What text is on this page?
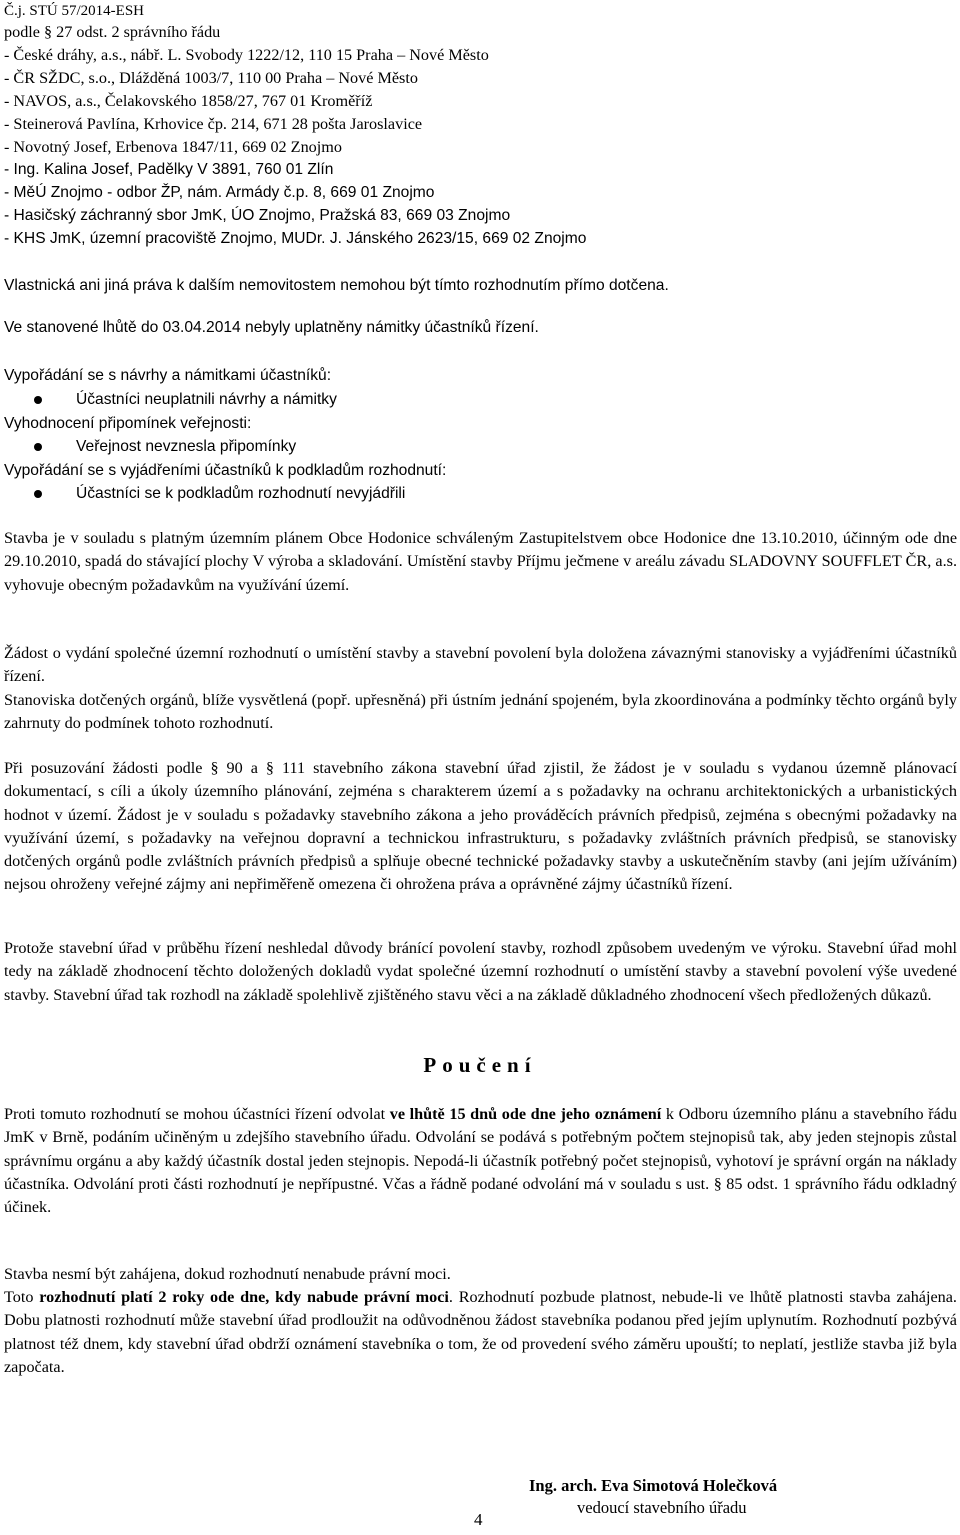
Č.j. STÚ 57/2014-ESH
podle § 27 odst. 2 správního řádu
- České dráhy, a.s., nábř. L. Svobody 1222/12, 110 15 Praha – Nové Město
- ČR SŽDC, s.o., Dlážděná 1003/7, 110 00 Praha – Nové Město
- NAVOS, a.s., Čelakovského 1858/27, 767 01 Kroměříž
- Steinerová Pavlína, Krhovice čp. 214, 671 28 pošta Jaroslavice
- Novotný Josef, Erbenova 1847/11, 669 02 Znojmo
- Ing. Kalina Josef, Padělky V 3891, 760 01 Zlín
- MěÚ Znojmo - odbor ŽP, nám. Armády č.p. 8, 669 01 Znojmo
- Hasičský záchranný sbor JmK, ÚO Znojmo, Pražská 83, 669 03 Znojmo
- KHS JmK, územní pracoviště Znojmo, MUDr. J. Jánského 2623/15, 669 02 Znojmo
Vlastnická ani jiná práva k dalším nemovitostem nemohou být tímto rozhodnutím přímo dotčena.
Ve stanovené lhůtě do 03.04.2014 nebyly uplatněny námitky účastníků řízení.
Vypořádání se s návrhy a námitkami účastníků:
Účastníci neuplatnili návrhy a námitky
Vyhodnocení připomínek veřejnosti:
Veřejnost nevznesla připomínky
Vypořádání se s vyjádřeními účastníků k podkladům rozhodnutí:
Účastníci se k podkladům rozhodnutí nevyjádřili
Stavba je v souladu s platným územním plánem Obce Hodonice schváleným Zastupitelstvem obce Hodonice dne 13.10.2010, účinným ode dne 29.10.2010, spadá do stávající plochy V výroba a skladování. Umístění stavby Příjmu ječmene v areálu závadu SLADOVNY SOUFFLET ČR, a.s. vyhovuje obecným požadavkům na využívání území.

Žádost o vydání společné územní rozhodnutí o umístění stavby a stavební povolení byla doložena závaznými stanovisky a vyjádřeními účastníků řízení.

Stanoviska dotčených orgánů, blíže vysvětlená (popř. upřesněná) při ústním jednání spojeném, byla zkoordinována a podmínky těchto orgánů byly zahrnuty do podmínek tohoto rozhodnutí.

Při posuzování žádosti podle § 90 a § 111 stavebního zákona stavební úřad zjistil, že žádost je v souladu s vydanou územně plánovací dokumentací, s cíli a úkoly územního plánování, zejména s charakterem území a s požadavky na ochranu architektonických a urbanistických hodnot v území. Žádost je v souladu s požadavky stavebního zákona a jeho prováděcích právních předpisů, zejména s obecnými požadavky na využívání území, s požadavky na veřejnou dopravní a technickou infrastrukturu, s požadavky zvláštních právních předpisů, se stanovisky dotčených orgánů podle zvláštních právních předpisů a splňuje obecné technické požadavky stavby a uskutečněním stavby (ani jejím užíváním) nejsou ohroženy veřejné zájmy ani nepřiměřeně omezena či ohrožena práva a oprávněné zájmy účastníků řízení.
Protože stavební úřad v průběhu řízení neshledal důvody bránící povolení stavby, rozhodl způsobem uvedeným ve výroku. Stavební úřad mohl tedy na základě zhodnocení těchto doložených dokladů vydat společné územní rozhodnutí o umístění stavby a stavební povolení výše uvedené stavby. Stavební úřad tak rozhodl na základě spolehlivě zjištěného stavu věci a na základě důkladného zhodnocení všech předložených důkazů.
Poučení
Proti tomuto rozhodnutí se mohou účastníci řízení odvolat ve lhůtě 15 dnů ode dne jeho oznámení k Odboru územního plánu a stavebního řádu JmK v Brně, podáním učiněným u zdejšího stavebního úřadu. Odvolání se podává s potřebným počtem stejnopisů tak, aby jeden stejnopis zůstal správnímu orgánu a aby každý účastník dostal jeden stejnopis. Nepodá-li účastník potřebný počet stejnopisů, vyhotoví je správní orgán na náklady účastníka. Odvolání proti části rozhodnutí je nepřípustné. Včas a řádně podané odvolání má v souladu s ust. § 85 odst. 1 správního řádu odkladný účinek.
Stavba nesmí být zahájena, dokud rozhodnutí nenabude právní moci.
Toto rozhodnutí platí 2 roky ode dne, kdy nabude právní moci. Rozhodnutí pozbude platnost, nebude-li ve lhůtě platnosti stavba zahájena. Dobu platnosti rozhodnutí může stavební úřad prodloužit na odůvodněnou žádost stavebníka podanou před jejím uplynutím. Rozhodnutí pozbývá platnost též dnem, kdy stavební úřad obdrží oznámení stavebníka o tom, že od provedení svého záměru upouští; to neplatí, jestliže stavba již byla započata.
Ing. arch. Eva Simotová Holečková
vedoucí stavebního úřadu
4
